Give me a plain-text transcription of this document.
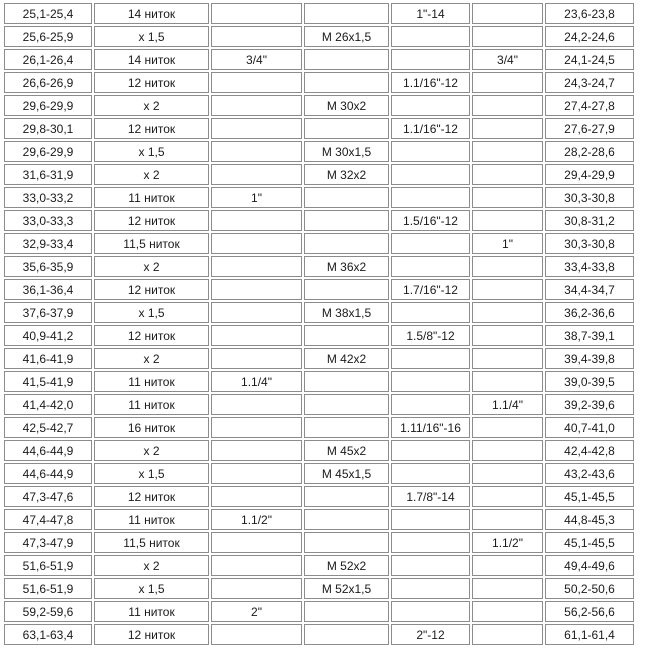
25,1-25,4	14 ниток			1"-14		23,6-23,8
25,6-25,9	x 1,5		M 26x1,5			24,2-24,6
26,1-26,4	14 ниток	3/4"			3/4"	24,1-24,5
26,6-26,9	12 ниток			1.1/16"-12		24,3-24,7
29,6-29,9	x 2		M 30x2			27,4-27,8
29,8-30,1	12 ниток			1.1/16"-12		27,6-27,9
29,6-29,9	x 1,5		M 30x1,5			28,2-28,6
31,6-31,9	x 2		M 32x2			29,4-29,9
33,0-33,2	11 ниток	1"				30,3-30,8
33,0-33,3	12 ниток			1.5/16"-12		30,8-31,2
32,9-33,4	11,5 ниток				1"	30,3-30,8
35,6-35,9	x 2		M 36x2			33,4-33,8
36,1-36,4	12 ниток			1.7/16"-12		34,4-34,7
37,6-37,9	x 1,5		M 38x1,5			36,2-36,6
40,9-41,2	12 ниток			1.5/8"-12		38,7-39,1
41,6-41,9	x 2		M 42x2			39,4-39,8
41,5-41,9	11 ниток	1.1/4"				39,0-39,5
41,4-42,0	11 ниток				1.1/4"	39,2-39,6
42,5-42,7	16 ниток			1.11/16"-16		40,7-41,0
44,6-44,9	x 2		M 45x2			42,4-42,8
44,6-44,9	x 1,5		M 45x1,5			43,2-43,6
47,3-47,6	12 ниток			1.7/8"-14		45,1-45,5
47,4-47,8	11 ниток	1.1/2"				44,8-45,3
47,3-47,9	11,5 ниток				1.1/2"	45,1-45,5
51,6-51,9	x 2		M 52x2			49,4-49,6
51,6-51,9	x 1,5		M 52x1,5			50,2-50,6
59,2-59,6	11 ниток	2"				56,2-56,6
63,1-63,4	12 ниток			2"-12		61,1-61,4
